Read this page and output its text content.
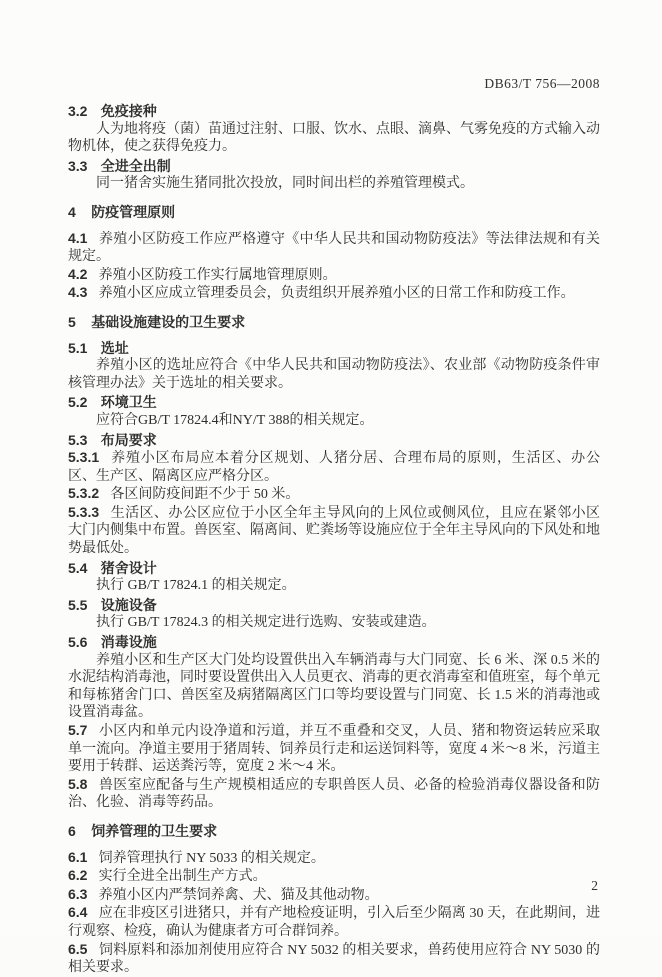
DB63/T 756—2008

3.2 免疫接种

人为地将疫（菌）苗通过注射、口服、饮水、点眼、滴鼻、气雾免疫的方式输入动物机体，使之获得免疫力。

3.3 全进全出制

同一猪舍实施生猪同批次投放，同时间出栏的养殖管理模式。

4 防疫管理原则

4.1 养殖小区防疫工作应严格遵守《中华人民共和国动物防疫法》等法律法规和有关规定。

4.2 养殖小区防疫工作实行属地管理原则。

4.3 养殖小区应成立管理委员会，负责组织开展养殖小区的日常工作和防疫工作。

5 基础设施建设的卫生要求

5.1 选址

养殖小区的选址应符合《中华人民共和国动物防疫法》、农业部《动物防疫条件审核管理办法》关于选址的相关要求。

5.2 环境卫生

应符合GB/T 17824.4和NY/T 388的相关规定。

5.3 布局要求

5.3.1 养殖小区布局应本着分区规划、人猪分居、合理布局的原则，生活区、办公区、生产区、隔离区应严格分区。

5.3.2 各区间防疫间距不少于 50 米。

5.3.3 生活区、办公区应位于小区全年主导风向的上风位或侧风位，且应在紧邻小区大门内侧集中布置。兽医室、隔离间、贮粪场等设施应位于全年主导风向的下风处和地势最低处。

5.4 猪舍设计

执行 GB/T 17824.1 的相关规定。

5.5 设施设备

执行 GB/T 17824.3 的相关规定进行选购、安装或建造。

5.6 消毒设施

养殖小区和生产区大门处均设置供出入车辆消毒与大门同宽、长 6 米、深 0.5 米的水泥结构消毒池，同时要设置供出入人员更衣、消毒的更衣消毒室和值班室，每个单元和每栋猪舍门口、兽医室及病猪隔离区门口等均要设置与门同宽、长 1.5 米的消毒池或设置消毒盆。

5.7 小区内和单元内设净道和污道，并互不重叠和交叉，人员、猪和物资运转应采取单一流向。净道主要用于猪周转、饲养员行走和运送饲料等，宽度 4 米～8 米，污道主要用于转群、运送粪污等，宽度 2 米～4 米。

5.8 兽医室应配备与生产规模相适应的专职兽医人员、必备的检验消毒仪器设备和防治、化验、消毒等药品。

6 饲养管理的卫生要求

6.1 饲养管理执行 NY 5033 的相关规定。

6.2 实行全进全出制生产方式。

6.3 养殖小区内严禁饲养禽、犬、猫及其他动物。

6.4 应在非疫区引进猪只，并有产地检疫证明，引入后至少隔离 30 天，在此期间，进行观察、检疫，确认为健康者方可合群饲养。

6.5 饲料原料和添加剂使用应符合 NY 5032 的相关要求，兽药使用应符合 NY 5030 的相关要求。

2
